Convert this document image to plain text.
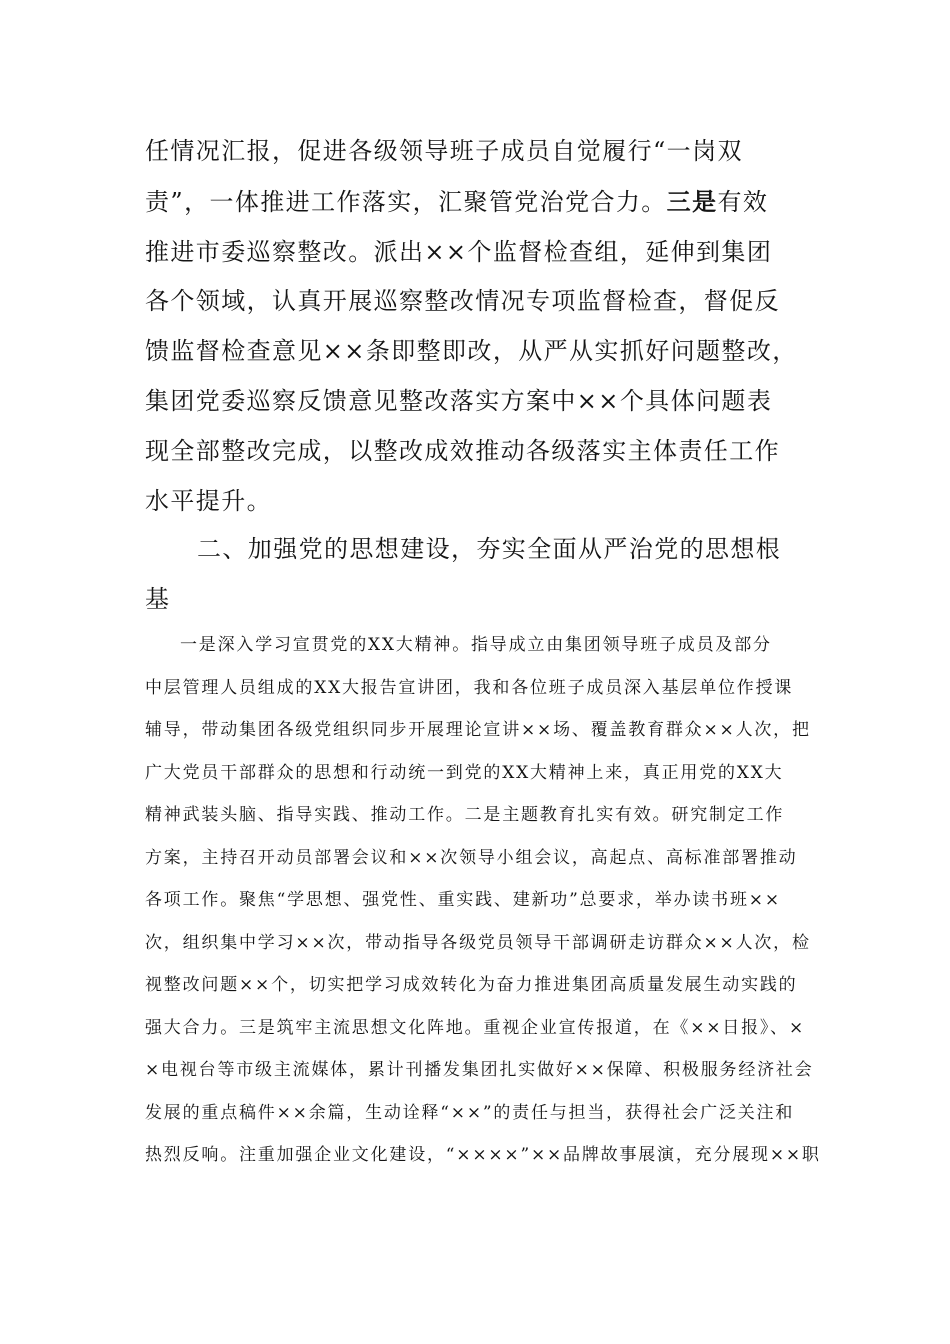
任情况汇报，促进各级领导班子成员自觉履行“一岗双
责”，一体推进工作落实，汇聚管党治党合力。三是有效
推进市委巡察整改。派出××个监督检查组，延伸到集团
各个领域，认真开展巡察整改情况专项监督检查，督促反
馈监督检查意见××条即整即改，从严从实抓好问题整改，
集团党委巡察反馈意见整改落实方案中××个具体问题表
现全部整改完成，以整改成效推动各级落实主体责任工作
水平提升。
二、加强党的思想建设，夯实全面从严治党的思想根
基
一是深入学习宣贯党的XX大精神。指导成立由集团领导班子成员及部分
中层管理人员组成的XX大报告宣讲团，我和各位班子成员深入基层单位作授课
辅导，带动集团各级党组织同步开展理论宣讲××场、覆盖教育群众××人次，把
广大党员干部群众的思想和行动统一到党的XX大精神上来，真正用党的XX大
精神武装头脑、指导实践、推动工作。二是主题教育扎实有效。研究制定工作
方案，主持召开动员部署会议和××次领导小组会议，高起点、高标准部署推动
各项工作。聚焦“学思想、强党性、重实践、建新功”总要求，举办读书班××
次，组织集中学习××次，带动指导各级党员领导干部调研走访群众××人次，检
视整改问题××个，切实把学习成效转化为奋力推进集团高质量发展生动实践的
强大合力。三是筑牢主流思想文化阵地。重视企业宣传报道，在《××日报》、×
×电视台等市级主流媒体，累计刊播发集团扎实做好××保障、积极服务经济社会
发展的重点稿件××余篇，生动诠释“××”的责任与担当，获得社会广泛关注和
热烈反响。注重加强企业文化建设，“××××”××品牌故事展演，充分展现××职
